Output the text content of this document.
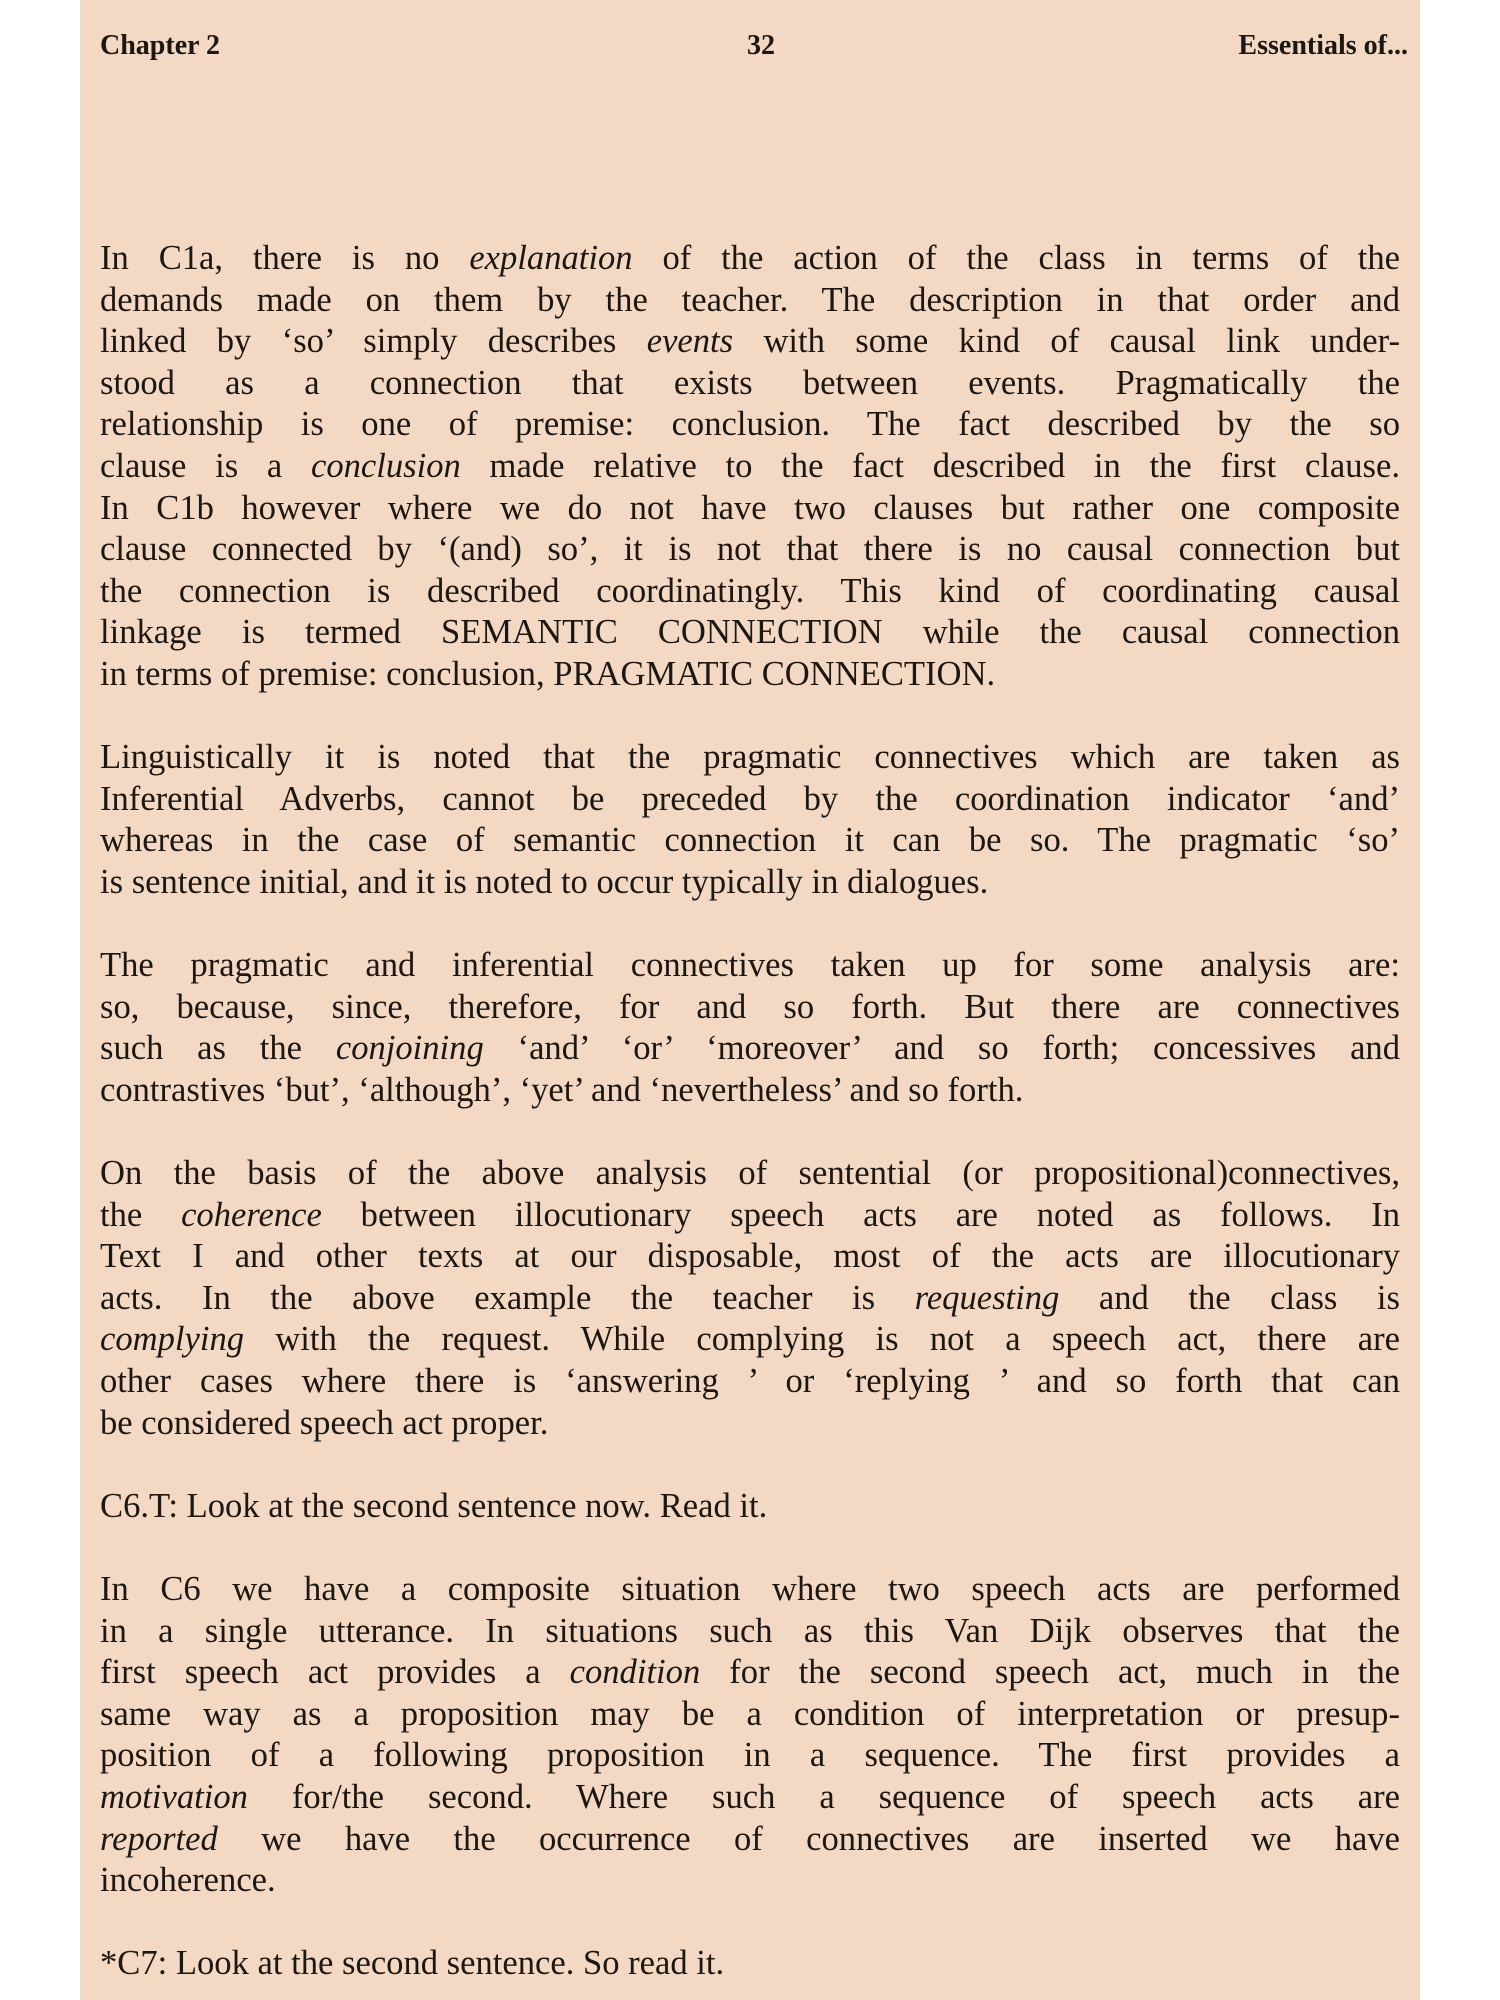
Chapter 2	32	Essentials of...
In C1a, there is no explanation of the action of the class in terms of the
demands made on them by the teacher. The description in that order and
linked by ‘so’ simply describes events with some kind of causal link under-
stood as a connection that exists between events. Pragmatically the
relationship is one of premise: conclusion. The fact described by the so
clause is a conclusion made relative to the fact described in the first clause.
In C1b however where we do not have two clauses but rather one composite
clause connected by ‘(and) so’, it is not that there is no causal connection but
the connection is described coordinatingly. This kind of coordinating causal
linkage is termed SEMANTIC CONNECTION while the causal connection
in terms of premise: conclusion, PRAGMATIC CONNECTION.
Linguistically it is noted that the pragmatic connectives which are taken as
Inferential Adverbs, cannot be preceded by the coordination indicator ‘and’
whereas in the case of semantic connection it can be so. The pragmatic ‘so’
is sentence initial, and it is noted to occur typically in dialogues.
The pragmatic and inferential connectives taken up for some analysis are:
so, because, since, therefore, for and so forth. But there are connectives
such as the conjoining ‘and’ ‘or’ ‘moreover’ and so forth; concessives and
contrastives ‘but’, ‘although’, ‘yet’ and ‘nevertheless’ and so forth.
On the basis of the above analysis of sentential (or propositional)connectives,
the coherence between illocutionary speech acts are noted as follows. In
Text I and other texts at our disposable, most of the acts are illocutionary
acts. In the above example the teacher is requesting and the class is
complying with the request. While complying is not a speech act, there are
other cases where there is ‘answering ’ or ‘replying ’ and so forth that can
be considered speech act proper.
C6.T: Look at the second sentence now. Read it.
In C6 we have a composite situation where two speech acts are performed
in a single utterance. In situations such as this Van Dijk observes that the
first speech act provides a condition for the second speech act, much in the
same way as a proposition may be a condition of interpretation or presup-
position of a following proposition in a sequence. The first provides a
motivation for/the second. Where such a sequence of speech acts are
reported we have the occurrence of connectives are inserted we have
incoherence.
*C7: Look at the second sentence. So read it.
